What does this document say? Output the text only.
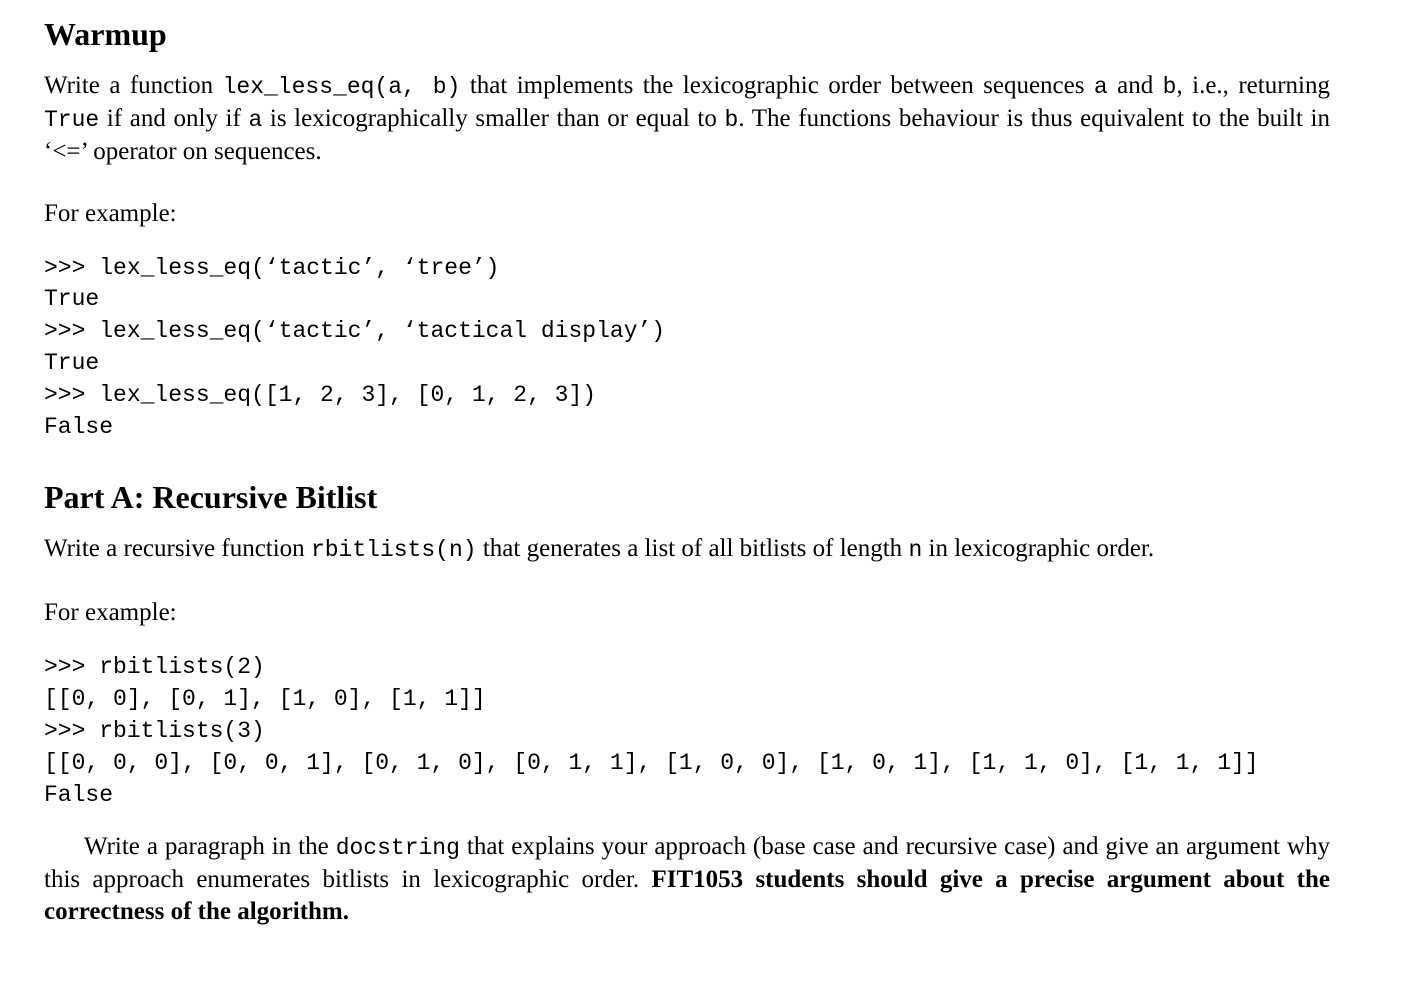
Warmup
Write a function lex_less_eq(a, b) that implements the lexicographic order between sequences a and b, i.e., returning True if and only if a is lexicographically smaller than or equal to b. The functions behaviour is thus equivalent to the built in ‘<=’ operator on sequences.
For example:
>>> lex_less_eq(‘tactic’, ‘tree’)
True
>>> lex_less_eq(‘tactic’, ‘tactical display’)
True
>>> lex_less_eq([1, 2, 3], [0, 1, 2, 3])
False
Part A: Recursive Bitlist
Write a recursive function rbitlists(n) that generates a list of all bitlists of length n in lexicographic order.
For example:
>>> rbitlists(2)
[[0, 0], [0, 1], [1, 0], [1, 1]]
>>> rbitlists(3)
[[0, 0, 0], [0, 0, 1], [0, 1, 0], [0, 1, 1], [1, 0, 0], [1, 0, 1], [1, 1, 0], [1, 1, 1]]
False
Write a paragraph in the docstring that explains your approach (base case and recursive case) and give an argument why this approach enumerates bitlists in lexicographic order. FIT1053 students should give a precise argument about the correctness of the algorithm.
